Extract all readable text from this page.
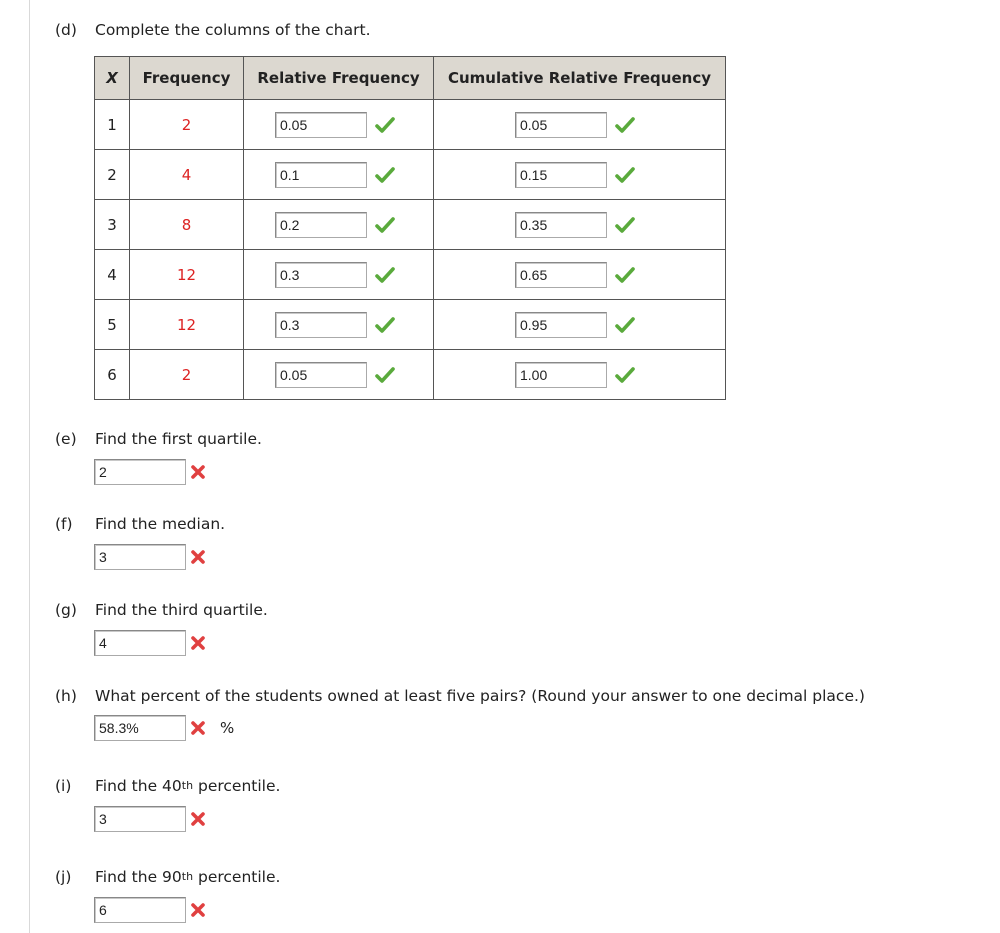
(d) Complete the columns of the chart.
X	Frequency	Relative Frequency	Cumulative Relative Frequency
1	2	0.05	0.05

2	4	0.1	0.15

3	8	0.2	0.35

4	12	0.3	0.65

5	12	0.3	0.95

6	2	0.05	1.00
(e) Find the first quartile.
2
(f) Find the median.
3
(g) Find the third quartile.
4
(h) What percent of the students owned at least five pairs? (Round your answer to one decimal place.)
58.3%	%
(i) Find the 40th percentile.
3
(j) Find the 90th percentile.
6
